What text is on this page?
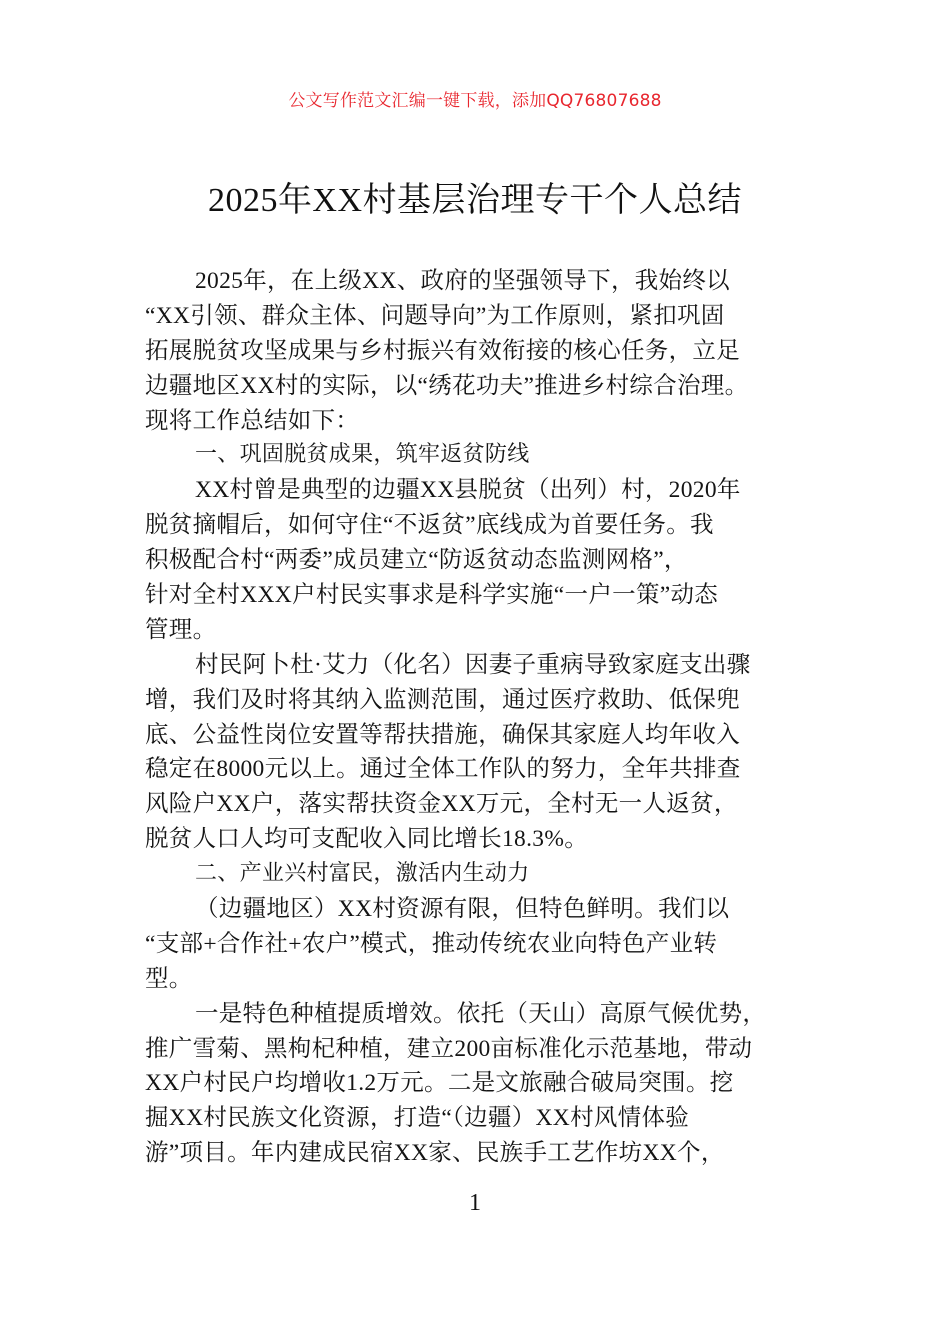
公文写作范文汇编一键下载，添加QQ76807688
2025年XX村基层治理专干个人总结
2025年，在上级XX、政府的坚强领导下，我始终以
“XX引领、群众主体、问题导向”为工作原则，紧扣巩固
拓展脱贫攻坚成果与乡村振兴有效衔接的核心任务，立足
边疆地区XX村的实际，以“绣花功夫”推进乡村综合治理。
现将工作总结如下：
一、巩固脱贫成果，筑牢返贫防线
XX村曾是典型的边疆XX县脱贫（出列）村，2020年
脱贫摘帽后，如何守住“不返贫”底线成为首要任务。我
积极配合村“两委”成员建立“防返贫动态监测网格”，
针对全村XXX户村民实事求是科学实施“一户一策”动态
管理。
村民阿卜杜·艾力（化名）因妻子重病导致家庭支出骤
增，我们及时将其纳入监测范围，通过医疗救助、低保兜
底、公益性岗位安置等帮扶措施，确保其家庭人均年收入
稳定在8000元以上。通过全体工作队的努力，全年共排查
风险户XX户，落实帮扶资金XX万元，全村无一人返贫，
脱贫人口人均可支配收入同比增长18.3%。
二、产业兴村富民，激活内生动力
（边疆地区）XX村资源有限，但特色鲜明。我们以
“支部+合作社+农户”模式，推动传统农业向特色产业转
型。
一是特色种植提质增效。依托（天山）高原气候优势，
推广雪菊、黑枸杞种植，建立200亩标准化示范基地，带动
XX户村民户均增收1.2万元。二是文旅融合破局突围。挖
掘XX村民族文化资源，打造“（边疆）XX村风情体验
游”项目。年内建成民宿XX家、民族手工艺作坊XX个，
1
